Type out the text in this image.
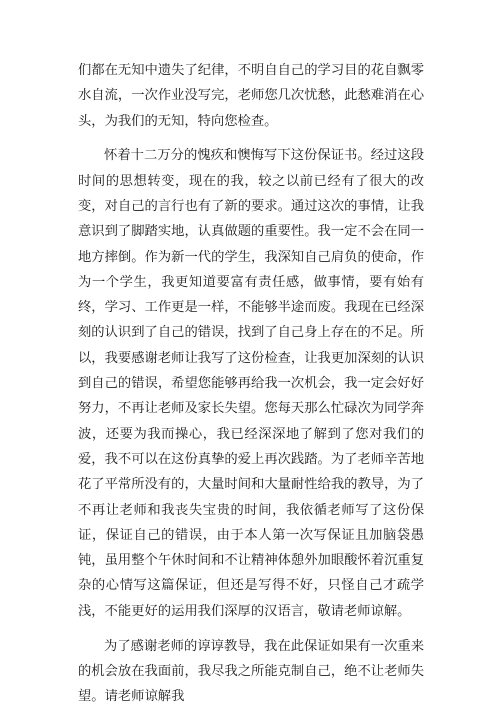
们都在无知中遗失了纪律，不明自自己的学习目的花自飘零水自流，一次作业没写完，老师您几次忧愁，此愁难消在心头，为我们的无知，特向您检查。

怀着十二万分的愧疚和懊悔写下这份保证书。经过这段时间的思想转变，现在的我，较之以前已经有了很大的改变，对自己的言行也有了新的要求。通过这次的事情，让我意识到了脚踏实地，认真做题的重要性。我一定不会在同一地方摔倒。作为新一代的学生，我深知自己肩负的使命，作为一个学生，我更知道要富有责任感，做事情，要有始有终，学习、工作更是一样，不能够半途而废。我现在已经深刻的认识到了自己的错误，找到了自己身上存在的不足。所以，我要感谢老师让我写了这份检查，让我更加深刻的认识到自己的错误，希望您能够再给我一次机会，我一定会好好努力，不再让老师及家长失望。您每天那么忙碌次为同学奔波，还要为我而操心，我已经深深地了解到了您对我们的爱，我不可以在这份真挚的爱上再次践踏。为了老师辛苦地花了平常所没有的，大量时间和大量耐性给我的教导，为了不再让老师和我丧失宝贵的时间，我依循老师写了这份保证，保证自己的错误，由于本人第一次写保证且加脑袋愚钝，虽用整个午休时间和不让精神体憩外加眼酸怀着沉重复杂的心情写这篇保证，但还是写得不好，只怪自己才疏学浅，不能更好的运用我们深厚的汉语言，敬请老师谅解。

为了感谢老师的谆谆教导，我在此保证如果有一次重来的机会放在我面前，我尽我之所能克制自己，绝不让老师失望。请老师谅解我
